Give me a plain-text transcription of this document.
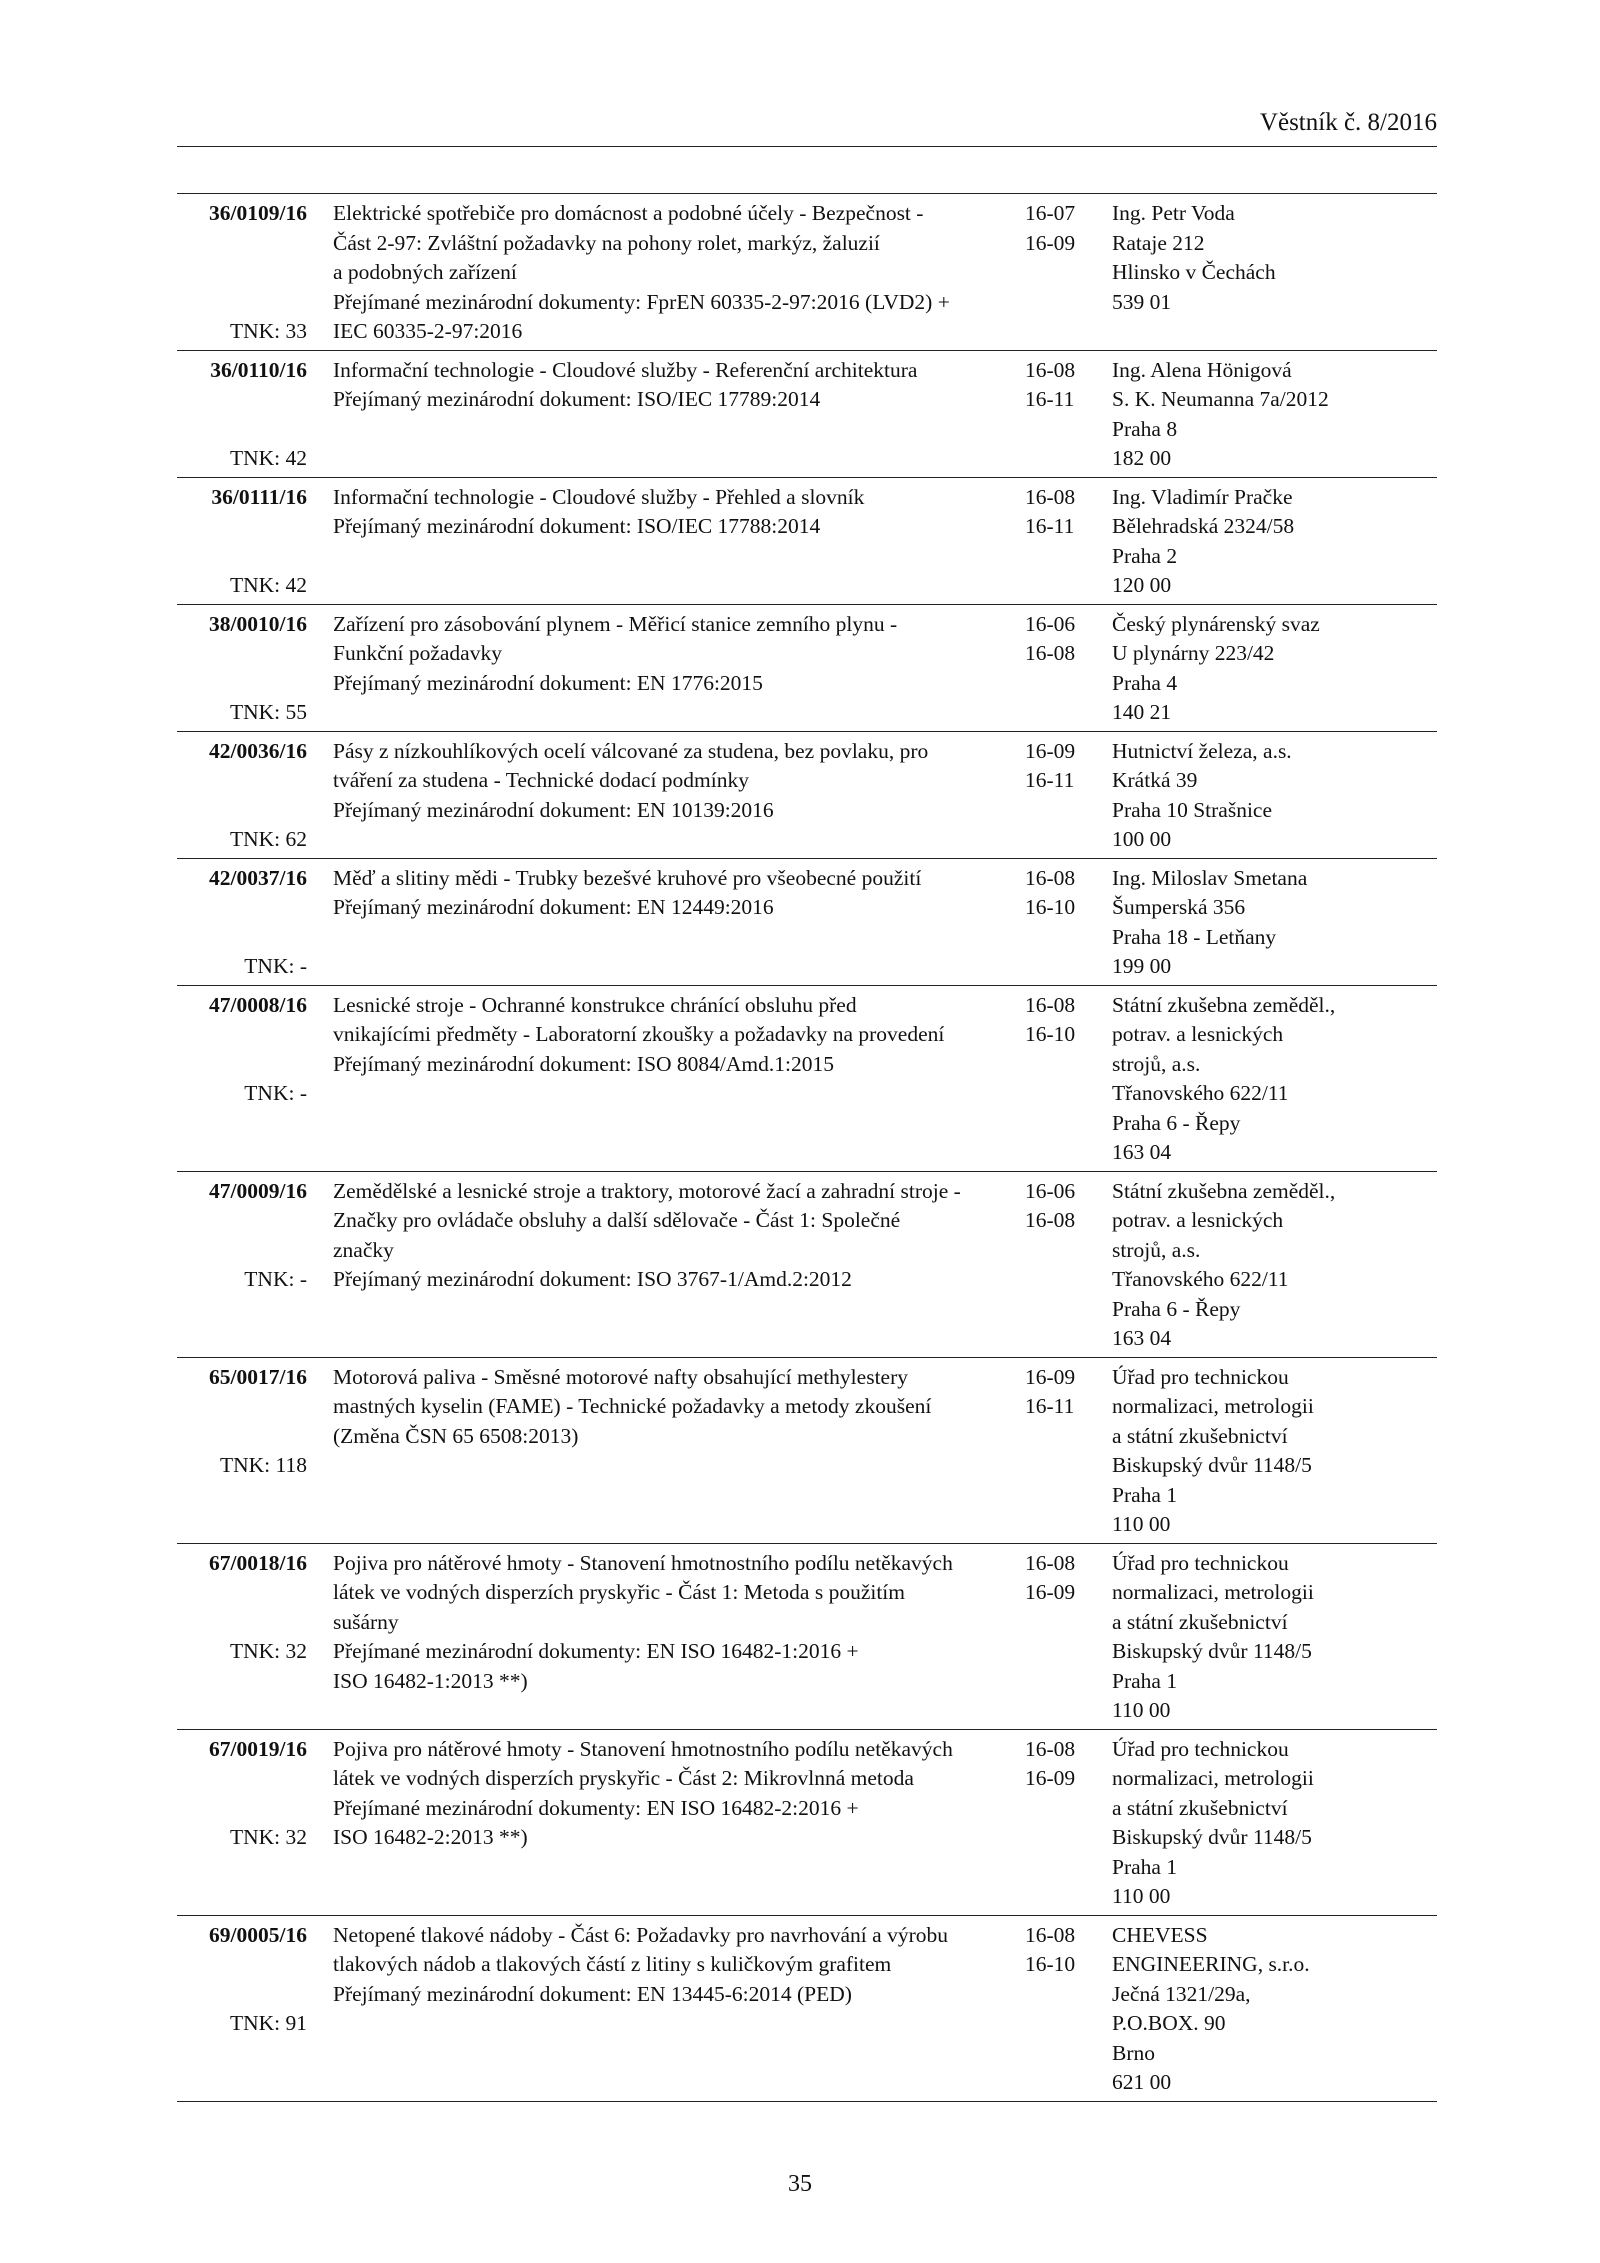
Věstník č. 8/2016
36/0109/16
TNK: 33
Elektrické spotřebiče pro domácnost a podobné účely - Bezpečnost -
Část 2-97: Zvláštní požadavky na pohony rolet, markýz, žaluzií
a podobných zařízení
Přejímané mezinárodní dokumenty: FprEN 60335-2-97:2016 (LVD2) +
IEC 60335-2-97:2016
16-07
16-09
Ing. Petr Voda
Rataje 212
Hlinsko v Čechách
539 01
36/0110/16
TNK: 42
Informační technologie - Cloudové služby - Referenční architektura
Přejímaný mezinárodní dokument: ISO/IEC 17789:2014
16-08
16-11
Ing. Alena Hönigová
S. K. Neumanna 7a/2012
Praha 8
182 00
36/0111/16
TNK: 42
Informační technologie - Cloudové služby - Přehled a slovník
Přejímaný mezinárodní dokument: ISO/IEC 17788:2014
16-08
16-11
Ing. Vladimír Pračke
Bělehradská 2324/58
Praha 2
120 00
38/0010/16
TNK: 55
Zařízení pro zásobování plynem - Měřicí stanice zemního plynu -
Funkční požadavky
Přejímaný mezinárodní dokument: EN 1776:2015
16-06
16-08
Český plynárenský svaz
U plynárny 223/42
Praha 4
140 21
42/0036/16
TNK: 62
Pásy z nízkouhlíkových ocelí válcované za studena, bez povlaku, pro
tváření za studena - Technické dodací podmínky
Přejímaný mezinárodní dokument: EN 10139:2016
16-09
16-11
Hutnictví železa, a.s.
Krátká 39
Praha 10 Strašnice
100 00
42/0037/16
TNK: -
Měď a slitiny mědi - Trubky bezešvé kruhové pro všeobecné použití
Přejímaný mezinárodní dokument: EN 12449:2016
16-08
16-10
Ing. Miloslav Smetana
Šumperská 356
Praha 18 - Letňany
199 00
47/0008/16
TNK: -
Lesnické stroje - Ochranné konstrukce chránící obsluhu před
vnikajícími předměty - Laboratorní zkoušky a požadavky na provedení
Přejímaný mezinárodní dokument: ISO 8084/Amd.1:2015
16-08
16-10
Státní zkušebna zeměděl.,
potrav. a lesnických
strojů, a.s.
Třanovského 622/11
Praha 6 - Řepy
163 04
47/0009/16
TNK: -
Zemědělské a lesnické stroje a traktory, motorové žací a zahradní stroje -
Značky pro ovládače obsluhy a další sdělovače - Část 1: Společné
značky
Přejímaný mezinárodní dokument: ISO 3767-1/Amd.2:2012
16-06
16-08
Státní zkušebna zeměděl.,
potrav. a lesnických
strojů, a.s.
Třanovského 622/11
Praha 6 - Řepy
163 04
65/0017/16
TNK: 118
Motorová paliva - Směsné motorové nafty obsahující methylestery
mastných kyselin (FAME) - Technické požadavky a metody zkoušení
(Změna ČSN 65 6508:2013)
16-09
16-11
Úřad pro technickou
normalizaci, metrologii
a státní zkušebnictví
Biskupský dvůr 1148/5
Praha 1
110 00
67/0018/16
TNK: 32
Pojiva pro nátěrové hmoty - Stanovení hmotnostního podílu netěkavých
látek ve vodných disperzích pryskyřic - Část 1: Metoda s použitím
sušárny
Přejímané mezinárodní dokumenty: EN ISO 16482-1:2016 +
ISO 16482-1:2013 **)
16-08
16-09
Úřad pro technickou
normalizaci, metrologii
a státní zkušebnictví
Biskupský dvůr 1148/5
Praha 1
110 00
67/0019/16
TNK: 32
Pojiva pro nátěrové hmoty - Stanovení hmotnostního podílu netěkavých
látek ve vodných disperzích pryskyřic - Část 2: Mikrovlnná metoda
Přejímané mezinárodní dokumenty: EN ISO 16482-2:2016 +
ISO 16482-2:2013 **)
16-08
16-09
Úřad pro technickou
normalizaci, metrologii
a státní zkušebnictví
Biskupský dvůr 1148/5
Praha 1
110 00
69/0005/16
TNK: 91
Netopené tlakové nádoby - Část 6: Požadavky pro navrhování a výrobu
tlakových nádob a tlakových částí z litiny s kuličkovým grafitem
Přejímaný mezinárodní dokument: EN 13445-6:2014 (PED)
16-08
16-10
CHEVESS
ENGINEERING, s.r.o.
Ječná 1321/29a,
P.O.BOX. 90
Brno
621 00
35
